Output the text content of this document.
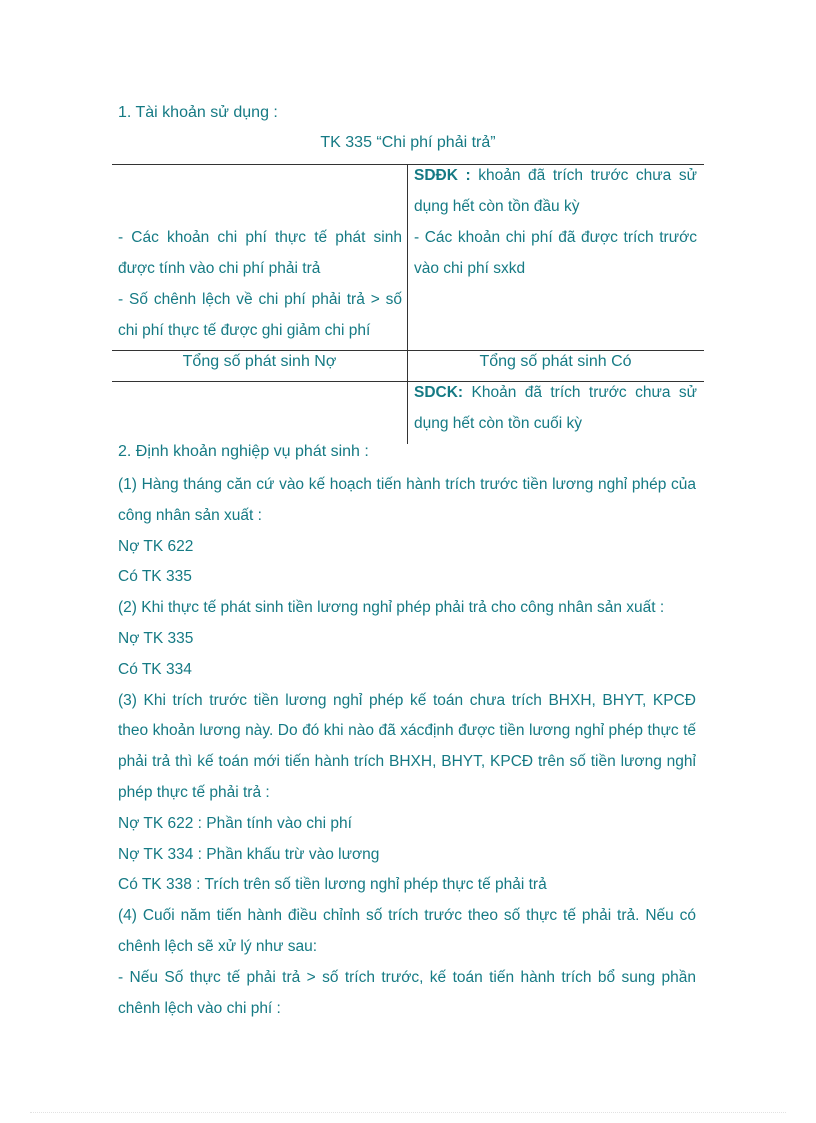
1. Tài khoản sử dụng :
TK 335 “Chi phí phải trả”

SDĐK : khoản đã trích trước chưa sử dụng hết còn tồn đầu kỳ

- Các khoản chi phí thực tế phát sinh được tính vào chi phí phải trả

- Số chênh lệch về chi phí phải trả > số chi phí thực tế được ghi giảm chi phí

- Các khoản chi phí đã được trích trước vào chi phí sxkd

Tổng số phát sinh Nợ	Tổng số phát sinh Có

SDCK: Khoản đã trích trước chưa sử dụng hết còn tồn cuối kỳ

2. Định khoản nghiệp vụ phát sinh :

(1) Hàng tháng căn cứ vào kế hoạch tiến hành trích trước tiền lương nghỉ phép của công nhân sản xuất :

Nợ TK 622

Có TK 335

(2) Khi thực tế phát sinh tiền lương nghỉ phép phải trả cho công nhân sản xuất :

Nợ TK 335

Có TK 334

(3) Khi trích trước tiền lương nghỉ phép kế toán chưa trích BHXH, BHYT, KPCĐ theo khoản lương này. Do đó khi nào đã xácđịnh được tiền lương nghỉ phép thực tế phải trả thì kế toán mới tiến hành trích BHXH, BHYT, KPCĐ trên số tiền lương nghỉ phép thực tế phải trả :

Nợ TK 622 : Phần tính vào chi phí

Nợ TK 334 : Phần khấu trừ vào lương

Có TK 338 : Trích trên số tiền lương nghỉ phép thực tế phải trả

(4) Cuối năm tiến hành điều chỉnh số trích trước theo số thực tế phải trả. Nếu có chênh lệch sẽ xử lý như sau:

- Nếu Số thực tế phải trả > số trích trước, kế toán tiến hành trích bổ sung phần chênh lệch vào chi phí :
